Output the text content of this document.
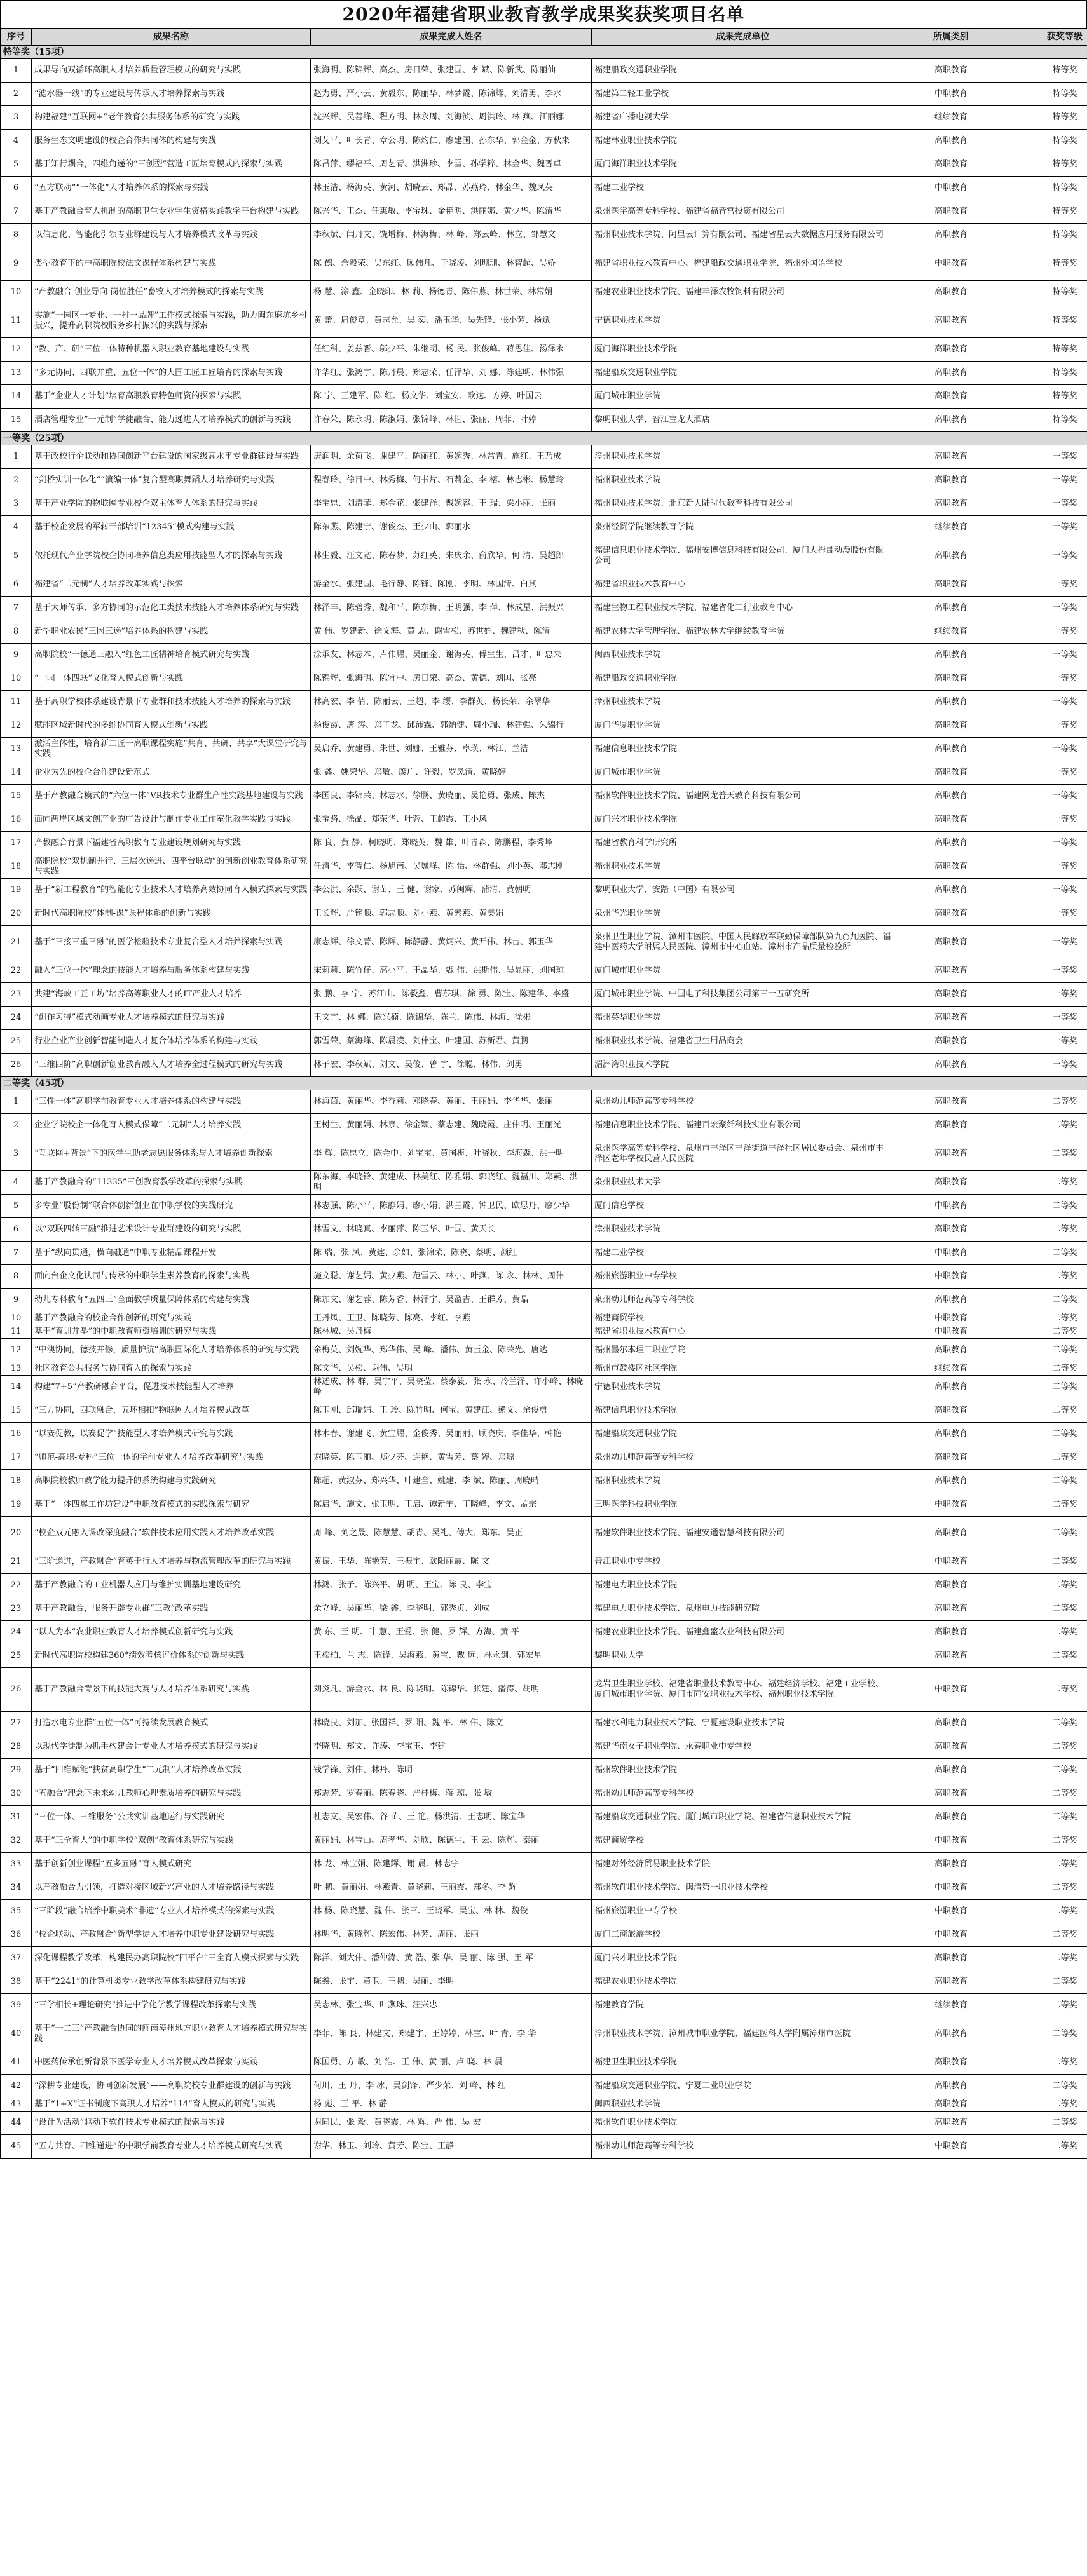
2020年福建省职业教育教学成果奖获奖项目名单
序号	成果名称	成果完成人姓名	成果完成单位	所属类别	获奖等级
特等奖（15项）					
1	成果导向双循环高职人才培养质量管理模式的研究与实践	张海明、陈锦辉、高杰、房日荣、张建国、李 斌、陈新武、陈丽仙	福建船政交通职业学院	高职教育	特等奖
2	“滤水器一线”的专业建设与传承人才培养探索与实践	赵为勇、严小云、黄毅东、陈丽华、林梦霞、陈锦辉、刘清勇、李水	福建第二轻工业学校	中职教育	特等奖
3	构建福建“互联网+”老年教育公共服务体系的研究与实践	沈兴辉、吴善峰、程方明、林永周、刘海滨、周洪玲、林 燕、江丽娜	福建省广播电视大学	继续教育	特等奖
4	服务生态文明建设的校企合作共同体的构建与实践	刘艾平、叶长青、章公明、陈灼仁、廖建国、孙东华、郭金金、方秋来	福建林业职业技术学院	高职教育	特等奖
5	基于知行耦合，四维角递的“三创型”营造工匠培育模式的探索与实践	陈昌萍、缪福平、周艺青、洪洲珍、李雪、孙学粹、林金华、魏晋卓	厦门海洋职业技术学院	高职教育	特等奖
6	“五方联动”“一体化”人才培养体系的探索与实践	林玉洁、杨海英、黄河、胡晓云、郑晶、苏燕玲、林金华、魏凤英	福建工业学校	中职教育	特等奖
7	基于产教融合育人机制的高职卫生专业学生资格实践教学平台构建与实践	陈兴华、王杰、任惠敏、李宝珠、金艳明、洪丽娜、黄少华、陈清华	泉州医学高等专科学校、福建省福音宫投资有限公司	高职教育	特等奖
8	以信息化、智能化引领专业群建设与人才培养模式改革与实践	李秋斌、闫丹文、饶增梅、林海梅、林 峰、郑云峰、林立、邹慧文	福州职业技术学院、阿里云计算有限公司、福建省星云大数据应用服务有限公司	高职教育	特等奖
9	类型教育下的中高职院校法文课程体系构建与实践	陈 鹤、余毅荣、吴东红、顾伟凡、于晓凌、刘珊珊、林智超、吴娇	福建省职业技术教育中心、福建船政交通职业学院、福州外国语学校	中职教育	特等奖
10	“产教融合-创业导向-岗位胜任”畜牧人才培养模式的探索与实践	杨 慧、涂 鑫、金晓印、林 莉、杨德青、陈伟燕、林世荣、林常娟	福建农业职业技术学院、福建丰泽农牧饲料有限公司	高职教育	特等奖
11	实施“一园区一专业、一村一品牌”工作模式探索与实践，助力闽东麻坑乡村振兴，提升高职院校服务乡村振兴的实践与探索	黄 蕾、周俊章、黄志允、吴 奕、潘玉华、吴先锋、张小芳、杨斌	宁德职业技术学院	高职教育	特等奖
12	“教、产、研”三位一体特种机器人职业教育基地建设与实践	任红科、姜兹晋、邬少平、朱继明、杨 民、张俊峰、蒋思佳、汤泽永	厦门海洋职业技术学院	高职教育	特等奖
13	“多元协同、四联并重、五位一体”的大国工匠工匠培育的探索与实践	许华红、张鸿宇、陈丹晨、郑志荣、任泽华、刘 娜、陈建明、林伟强	福建船政交通职业学院	高职教育	特等奖
14	基于“企业人才计划”培育高职教育特色师资的探索与实践	陈 宁、王建军、陈 红、杨文华、刘宝安、欧达、方婷、叶国云	厦门城市职业学院	高职教育	特等奖
15	酒店管理专业“一元制”学徒融合、能力递进人才培养模式的创新与实践	许春荣、陈永明、陈淑娟、张锦峰、林世、张丽、周菲、叶婷	黎明职业大学、晋江宝龙大酒店	高职教育	特等奖
一等奖（25项）					
1	基于政校行企联动和协同创新平台建设的国家级高水平专业群建设与实践	唐润明、余荷飞、谢建平、陈丽红、黄婉秀、林常青、施红、王乃成	漳州职业技术学院	高职教育	一等奖
2	“剑桥实训一体化”“演编一体”复合型高职舞蹈人才培养研究与实践	程春玲、徐日中、林秀梅、何书片、石莉金、李 榕、林志彬、杨慧玲	福州职业技术学院	高职教育	一等奖
3	基于产业学院的物联网专业校企双主体育人体系的研究与实践	李宝忠、刘清菲、郑金花、张建泽、戴婉容、王 瑞、梁小丽、张丽	福州职业技术学院、北京新大陆时代教育科技有限公司	高职教育	一等奖
4	基于校企发展的军转干部培训“12345”模式构建与实践	陈东燕、陈建宁、谢俊杰、王少山、郭丽水	泉州经贸学院继续教育学院	继续教育	一等奖
5	依托现代产业学院校企协同培养信息类应用技能型人才的探索与实践	林生毅、汪文宽、陈春梦、苏红英、朱庆余、俞欣华、何 清、吴超郎	福建信息职业技术学院、福州安博信息科技有限公司、厦门大拇哥动漫股份有限公司	高职教育	一等奖
6	福建省“二元制”人才培养改革实践与探索	游金水、张建国、毛行静、陈锋、陈刚、李明、林国清、白其	福建省职业技术教育中心	高职教育	一等奖
7	基于大师传承、多方协同的示范化工类技术技能人才培养体系研究与实践	林泽丰、陈碧秀、魏和平、陈东梅、王明强、李 萍、林成星、洪振兴	福建生物工程职业技术学院、福建省化工行业教育中心	高职教育	一等奖
8	新型职业农民“三因三递”培养体系的构建与实践	黄 伟、罗建新、徐文海、黄 志、谢雪松、苏世娟、魏建秋、陈清	福建农林大学管理学院、福建农林大学继续教育学院	继续教育	一等奖
9	高职院校“一德通三融入”红色工匠精神培育模式研究与实践	涂承友、林志本、卢伟耀、吴丽金、谢海英、傅生生、吕才、叶忠来	闽西职业技术学院	高职教育	一等奖
10	“一园一体四联”文化育人模式创新与实践	陈锦辉、张海明、陈宜中、房日荣、高杰、黄德、刘国、张亮	福建船政交通职业学院	高职教育	一等奖
11	基于高职学校体系建设背景下专业群和技术技能人才培养的探索与实践	林高宏、李 倩、陈丽云、王超、李 缨、李群英、杨长荣、余翠华	漳州职业技术学院	高职教育	一等奖
12	赋能区域新时代的多维协同育人模式创新与实践	杨俊霞、唐 涛、郑子龙、邱沛霖、郭纳健、周小瑞、林建强、朱锦行	厦门华厦职业学院	高职教育	一等奖
13	激活主体性，培育新工匠一高职课程实施“共育、共研、共享”大课堂研究与实践	吴启乔、黄建勇、朱世、刘娜、王雅芬、卓瑛、林江、兰洁	福建信息职业技术学院	高职教育	一等奖
14	企业为先的校企合作建设新范式	张 鑫、姚荣华、郑敏、廖广、许毅、罗凤清、黄晓婷	厦门城市职业学院	高职教育	一等奖
15	基于产教融合模式的“六位一体”VR技术专业群生产性实践基地建设与实践	李国良、李锦荣、林志水、徐鹏、黄晓丽、吴艳勇、张成、陈杰	福州软件职业技术学院、福建网龙普天教育科技有限公司	高职教育	一等奖
16	面向两岸区域文创产业的广告设计与制作专业工作室化教学实践与实践	张宝路、徐晶、郑荣华、叶蓉、王超霞、王小凤	厦门兴才职业技术学院	高职教育	一等奖
17	产教融合背景下福建省高职教育专业建设规划研究与实践	陈 良、黄 静、柯晓明、郑晓英、魏 雄、叶青森、陈鹏程、李秀峰	福建省教育科学研究所	高职教育	一等奖
18	高职院校“双机制并行、三层次递进、四平台联动”的创新创业教育体系研究与实践	任清华、李智仁、杨旭南、吴巍峰、陈 怡、林群强、刘小英、邓志刚	福州职业技术学院	高职教育	一等奖
19	基于“新工程教育”的智能化专业技术人才培养高效协同育人模式探索与实践	李公洪、余跃、谢苗、王 健、谢家、苏闽辉、蒲清、黄朝明	黎明职业大学、安踏（中国）有限公司	高职教育	一等奖
20	新时代高职院校“体制-课”课程体系的创新与实践	王长辉、严铭顺、郭志顺、刘小燕、黄素燕、黄美娟	泉州华光职业学院	高职教育	一等奖
21	基于“三接三重三融”的医学检验技术专业复合型人才培养探索与实践	康志辉、徐文菁、陈辉、陈静静、黄炳兴、黄开伟、林吉、郭玉华	泉州卫生职业学院、漳州市医院、中国人民解放军联勤保障部队第九○九医院、福建中医药大学附属人民医院、漳州市中心血站、漳州市产品质量检验所	高职教育	一等奖
22	融入“三位一体”理念的技能人才培养与服务体系构建与实践	宋莉莉、陈竹仔、高小平、王晶华、魏 伟、洪斯伟、吴显丽、刘国琼	厦门城市职业学院	高职教育	一等奖
23	共建“海峡工匠工坊”培养高等职业人才的IT产业人才培养	张 鹏、李 宁、苏江山、陈毅鑫、曹莎琪、徐 勇、陈宝、陈建华、李盛	厦门城市职业学院、中国电子科技集团公司第三十五研究所	高职教育	一等奖
24	“创作习得”模式动画专业人才培养模式的研究与实践	王文宇、林 娜、陈兴楠、陈锦华、陈兰、陈伟、林海、徐彬	福州英华职业学院	高职教育	一等奖
25	行业企业产业创新智能制造人才复合体培养体系的构建与实践	郭雪荣、蔡海峰、陈晨凌、刘伟宝、叶建国、苏新君、黄鹏	福州职业技术学院、福建省卫生用品商会	高职教育	一等奖
26	“三维四阶”高职创新创业教育融入人才培养全过程模式的研究与实践	林子宏、李秋斌、刘文、吴俊、曾 宇、徐聪、林伟、刘勇	湄洲湾职业技术学院	高职教育	一等奖
二等奖（45项）					
1	“三性一体”高职学前教育专业人才培养体系的构建与实践	林海茵、黄丽华、李香莉、邓晓春、黄丽、王丽娟、李华华、张丽	泉州幼儿师范高等专科学校	高职教育	二等奖
2	企业学院校企一体化育人模式保障“二元制”人才培养实践	王树生、黄丽娟、林泉、徐金颖、蔡志建、魏晓霞、庄伟明、王丽光	福建信息职业技术学院、福建百宏聚纤科技实业有限公司	高职教育	二等奖
3	“互联网+背景”下的医学生助老志愿服务体系与人才培养创新探索	李 辉、陈忠立、陈金中、刘宝宝、黄国梅、叶晓秋、李海淼、洪一明	泉州医学高等专科学校、泉州市丰泽区丰泽街道丰泽社区居民委员会、泉州市丰泽区老年学校民营人民医院	高职教育	二等奖
4	基于产教融合的“11335”三创教育教学改革的探索与实践	陈东海、李晓铃、黄建成、林美红、陈雅娟、郭晓红、魏福川、郑素、洪一明	泉州职业技术大学	高职教育	二等奖
5	多专业“股份制”联合体创新创业在中职学校的实践研究	林志强、陈小平、陈静娟、廖小娟、洪兰霞、钟卫民、欧思丹、廖少华	厦门信息学校	中职教育	二等奖
6	以“双联四转三融”推进艺术设计专业群建设的研究与实践	林雪文、林晓真、李丽萍、陈玉华、叶国、黄天长	漳州职业技术学院	高职教育	二等奖
7	基于“纵向贯通，横向融通”中职专业精品课程开发	陈 瑞、张 凤、黄建、余如、张锦荣、陈晓、蔡明、颜红	福建工业学校	中职教育	二等奖
8	面向台企文化认同与传承的中职学生素养教育的探索与实践	施文聪、谢艺娟、黄少燕、范雪云、林小、叶燕、陈 永、林林、周伟	福州旅游职业中专学校	中职教育	二等奖
9	幼儿专科教育“五四三”全面教学质量保障体系的构建与实践	陈加文、谢艺蓉、陈芳香、林泽宇、吴盈吉、王群芳、黄晶	泉州幼儿师范高等专科学校	高职教育	二等奖
10	基于产教融合的校企合作创新的研究与实践	王丹凤、王卫、陈晓芳、陈亮、李红、李燕	福建商贸学校	中职教育	二等奖
11	基于“育训并举”的中职教育师资培训的研究与实践	陈林城、吴丹梅	福建省职业技术教育中心	中职教育	二等奖
12	“中澳协同，德技并修，质量护航”高职国际化人才培养体系的研究与实践	余梅英、刘婉华、郑华伟、吴 峰、潘伟、黄玉金、陈荣光、唐达	福州墨尔本理工职业学院	高职教育	二等奖
13	社区教育公共服务与协同育人的探索与实践	陈文华、吴松、谢伟、吴明	福州市鼓楼区社区学院	继续教育	二等奖
14	构建“7+5”产教研融合平台，促进技术技能型人才培养	林述成、林 群、吴宇平、吴晓莹、蔡泰毅、张 永、冷兰泽、许小峰、林晓峰	宁德职业技术学院	高职教育	二等奖
15	“三方协同，四项融合，五环相扣”物联网人才培养模式改革	陈玉刚、邱瑞娟、王 玲、陈竹明、何宝、黄建江、熊文、余俊勇	福建信息职业技术学院	高职教育	二等奖
16	“以赛促教，以赛促学”技能型人才培养模式研究与实践	林木春、谢建飞、黄宝耀、金俊秀、吴丽丽、顾晓庆、李佳华、韩艳	福建船政交通职业学院	高职教育	二等奖
17	“师范-高职-专科”三位一体的学前专业人才培养改革研究与实践	谢晓英、陈玉丽、郑少芬、连艳、黄雪芳、蔡 婷、郑琼	泉州幼儿师范高等专科学校	高职教育	二等奖
18	高职院校教师教学能力提升的系统构建与实践研究	陈超、黄淑芬、郑兴华、叶建全、姚建、李 斌、陈丽、周晓晴	福州职业技术学院	高职教育	二等奖
19	基于“一体四翼工作坊建设”中职教育模式的实践探索与研究	陈启华、施文、张玉明、王启、谭新宇、丁晓峰、李文、孟宗	三明医学科技职业学院	中职教育	二等奖
20	“校企双元融入课改深度融合”软件技术应用实践人才培养改革实践	周 峰、刘之晟、陈慧慧、胡青、吴礼、傅大、郑东、吴正	福建软件职业技术学院、福建安通智慧科技有限公司	高职教育	二等奖
21	“三阶递进，产教融合”育英于行人才培养与物流管理改革的研究与实践	黄振、王华、陈艳芳、王振宇、欧阳丽霞、陈 文	晋江职业中专学校	中职教育	二等奖
22	基于产教融合的工业机器人应用与维护实训基地建设研究	林鸿、张子、陈兴平、胡 明、王宝、陈 良、李宝	福建电力职业技术学院	高职教育	二等奖
23	基于产教融合，服务开辟专业群“三教”改革实践	余立峰、吴丽华、梁 鑫、李晓明、郭秀贞、刘成	福建电力职业技术学院、泉州电力技能研究院	高职教育	二等奖
24	“以人为本”农业职业教育人才培养模式创新研究与实践	黄 东、王 明、叶 慧、王爱、张 健、罗 辉、方海、黄 平	福建农业职业技术学院、福建鑫盛农业科技有限公司	高职教育	二等奖
25	新时代高职院校构建360°绩效考核评价体系的创新与实践	王松柏、兰 志、陈锋、吴海燕、黄宝、戴 远、林永剑、郭宏星	黎明职业大学	高职教育	二等奖
26	基于产教融合背景下的技能大赛与人才培养体系研究与实践	刘炎凡、游金水、林 良、陈晓明、陈锦华、张建、潘涛、胡明	龙岩卫生职业学校、福建省职业技术教育中心、福建经济学校、福建工业学校、厦门城市职业学院、厦门市同安职业技术学校、福州职业技术学院	中职教育	二等奖
27	打造水电专业群“五位一体”可持续发展教育模式	林晓良、刘加、张国祥、罗 阳、魏 平、林 伟、陈文	福建水利电力职业技术学院、宁夏建设职业技术学院	高职教育	二等奖
28	以现代学徒制为抓手构建会计专业人才培养模式的研究与实践	李晓明、郑文、许涛、李宝玉、李建	福建华南女子职业学院、永春职业中专学校	高职教育	二等奖
29	基于“四维赋能”扶贫高职学生“二元制”人才培养改革实践	钱学锋、刘伟、林丹、陈明	福州软件职业技术学院	高职教育	二等奖
30	“五融合”理念下未来幼儿教师心理素质培养的研究与实践	郑志芳、罗春丽、陈春晓、严桂梅、蒋 琼、张 敏	福州幼儿师范高等专科学校	高职教育	二等奖
31	“三位一体、三维服务”公共实训基地运行与实践研究	杜志文、吴宏伟、谷 苗、王 艳、杨洪清、王志明、陈宝华	福建船政交通职业学院、厦门城市职业学院、福建省信息职业技术学院	高职教育	二等奖
32	基于“三全育人”的中职学校“双创”教育体系研究与实践	黄丽娟、林宝山、周孝华、刘欣、陈德生、王 云、陈辉、秦丽	福建商贸学校	中职教育	二等奖
33	基于创新创业课程“五多五融”育人模式研究	林 龙、林宝娟、陈建辉、谢 晨、林志宇	福建对外经济贸易职业技术学院	高职教育	二等奖
34	以产教融合为引领，打造对接区域新兴产业的人才培养路径与实践	叶 鹏、黄丽娟、林燕青、黄晓莉、王丽霞、郑冬、李 辉	福州软件职业技术学院、闽清第一职业技术学校	中职教育	二等奖
35	“三阶段”融合培养中职美术“非遗”专业人才培养模式的探索与实践	林 杨、陈晓慧、魏 伟、张三、王晓军、吴宝、林 林、魏俊	福州旅游职业中专学校	中职教育	二等奖
36	“校企联动、产教融合”新型学徒人才培养中职专业建设研究与实践	林明华、黄晓辉、陈宏伟、林芳、周丽、张丽	厦门工商旅游学校	中职教育	二等奖
37	深化课程教学改革，构建民办高职院校“四平台”三全育人模式探索与实践	陈洋、刘大伟、潘仲涛、黄 浩、张 华、吴 丽、陈 强、王 军	厦门兴才职业技术学院	高职教育	二等奖
38	基于“2241”的计算机类专业教学改革体系构建研究与实践	陈鑫、张宇、黄卫、王鹏、吴丽、李明	福建农业职业技术学院	高职教育	二等奖
39	“三学相长+理论研究”推进中学化学教学课程改革探索与实践	吴志林、张宝华、叶燕珠、汪兴忠	福建教育学院	继续教育	二等奖
40	基于“一二三”产教融合协同的闽南漳州地方职业教育人才培养模式研究与实践	李菲、陈 良、林建文、郑建宇、王婷婷、林宝、叶 青、李 华	漳州职业技术学院、漳州城市职业学院、福建医科大学附属漳州市医院	高职教育	二等奖
41	中医药传承创新背景下医学专业人才培养模式改革探索与实践	陈国勇、方 敏、刘 浩、王 伟、黄 丽、卢 晓、林 晨	福建卫生职业技术学院	高职教育	二等奖
42	“深耕专业建设，协同创新发展”——高职院校专业群建设的创新与实践	何川、王 丹、李 冰、吴剑锋、严少荣、刘 峰、林 红	福建船政交通职业学院、宁夏工业职业学院	高职教育	二等奖
43	基于“1+X”证书制度下高职人才培养“114”育人模式的研究与实践	杨 彪、王 平、林 静	闽西职业技术学院	高职教育	二等奖
44	“设计为活动”驱动下软件技术专业模式的探索与实践	谢同民、张 毅、黄晓霞、林 辉、严 伟、吴 宏	福州软件职业技术学院	高职教育	二等奖
45	“五方共育、四维递进”的中职学前教育专业人才培养模式研究与实践	谢华、林玉、刘玲、黄芳、陈宝、王静	福州幼儿师范高等专科学校	中职教育	二等奖
